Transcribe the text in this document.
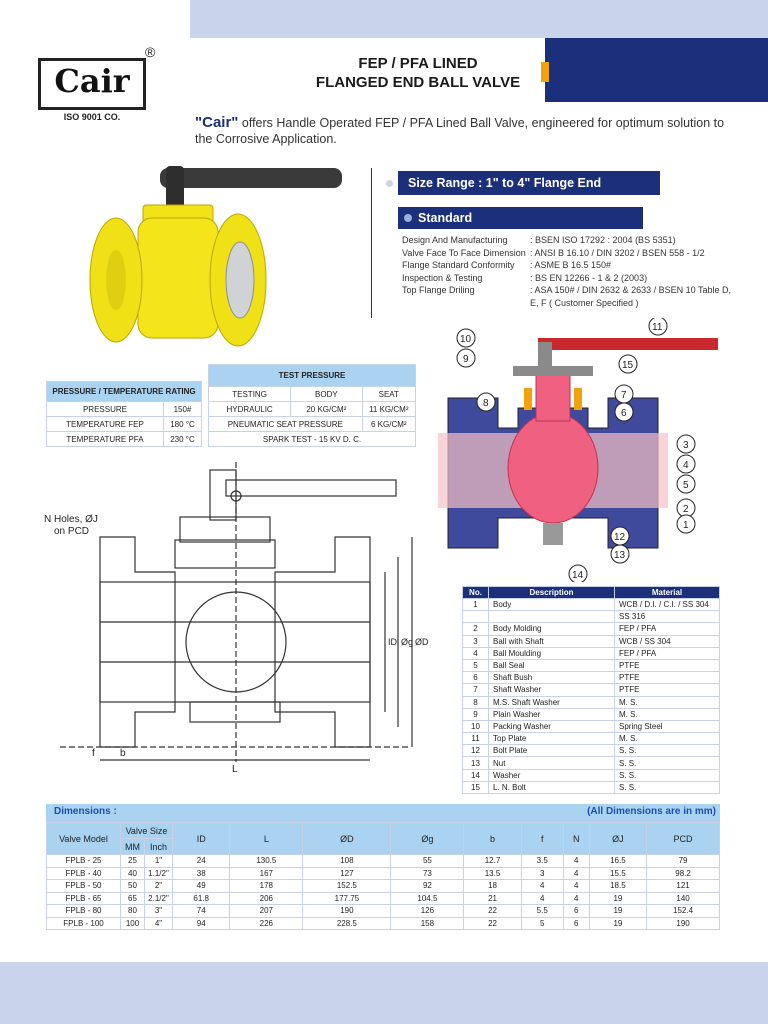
FEP / PFA LINED
FLANGED END BALL VALVE
Cair
®
ISO 9001 CO.	"Cair" offers Handle Operated FEP / PFA Lined Ball Valve, engineered for optimum solution to the Corrosive Application.
Size Range : 1" to 4" Flange End
Standard
Design And Manufacturing	: BSEN ISO 17292 : 2004 (BS 5351)
Valve Face To Face Dimension : ANSI B 16.10 / DIN 3202 / BSEN 558 - 1/2
Flange Standard Conformity	: ASME B 16.5 150#
Inspection & Testing	: BS EN 12266 - 1 & 2 (2003)
Top Flange Driling	: ASA 150# / DIN 2632 & 2633 / BSEN 10 Table D, E, F ( Customer Specified )
PRESSURE / TEMPERATURE RATING	
PRESSURE	150#
TEMPERATURE FEP	180 °C
TEMPERATURE PFA	230 °C
TEST PRESSURE		
TESTING	BODY	SEAT
HYDRAULIC	20 KG/CM²	11 KG/CM²
PNEUMATIC SEAT PRESSURE		6 KG/CM²
SPARK TEST - 15 KV D. C.		
N Holes, ØJ
on PCD
f	b
L
ID Øg ØD
10
9
8
11
15
7
6
3
4
5
2
1
12
13
14
No.	Description	Material
1	Body	WCB / D.I. / C.I. / SS 304
		SS 316
2	Body Molding	FEP / PFA
3	Ball with Shaft	WCB / SS 304
4	Ball Moulding	FEP / PFA
5	Ball Seal	PTFE
6	Shaft Bush	PTFE
7	Shaft Washer	PTFE
8	M.S. Shaft Washer	M. S.
9	Plain Washer	M. S.
10	Packing Washer	Spring Steel
11	Top Plate	M. S.
12	Bolt Plate	S. S.
13	Nut	S. S.
14	Washer	S. S.
15	L. N. Bolt	S. S.
Dimensions :	(All Dimensions are in mm)
Valve Model	Valve Size		ID	L	ØD	Øg	b	f	N	ØJ	PCD
	MM	Inch									
FPLB - 25	25	1"	24	130.5	108	55	12.7	3.5	4	16.5	79
FPLB - 40	40	1.1/2"	38	167	127	73	13.5	3	4	15.5	98.2
FPLB - 50	50	2"	49	178	152.5	92	18	4	4	18.5	121
FPLB - 65	65	2.1/2"	61.8	206	177.75	104.5	21	4	4	19	140
FPLB - 80	80	3"	74	207	190	126	22	5.5	6	19	152.4
FPLB - 100	100	4"	94	226	228.5	158	22	5	6	19	190
